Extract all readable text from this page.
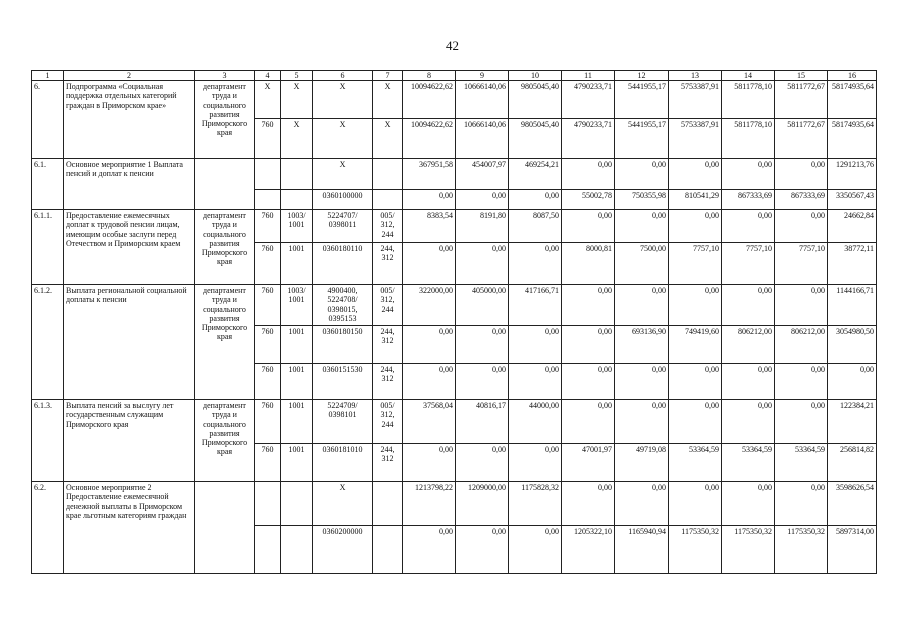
42
1	2	3	4	5	6	7	8	9	10	11	12	13	14	15	16
6.	Подпрограмма «Социальная поддержка отдельных категорий граждан в Приморском крае»	департамент труда и социального развития Приморского края	X	X	X	X	10094622,62	10666140,06	9805045,40	4790233,71	5441955,17	5753387,91	5811778,10	5811772,67	58174935,64
			760	X	X	X	10094622,62	10666140,06	9805045,40	4790233,71	5441955,17	5753387,91	5811778,10	5811772,67	58174935,64
6.1.	Основное мероприятие 1 Выплата пенсий и доплат к пенсии				X		367951,58	454007,97	469254,21	0,00	0,00	0,00	0,00	0,00	1291213,76
					0360100000		0,00	0,00	0,00	55002,78	750355,98	810541,29	867333,69	867333,69	3350567,43
6.1.1.	Предоставление ежемесячных доплат к трудовой пенсии лицам, имеющим особые заслуги перед Отечеством и Приморским краем	департамент труда и социального развития Приморского края	760	1003/ 1001	5224707/ 0398011	005/ 312, 244	8383,54	8191,80	8087,50	0,00	0,00	0,00	0,00	0,00	24662,84
			760	1001	0360180110	244, 312	0,00	0,00	0,00	8000,81	7500,00	7757,10	7757,10	7757,10	38772,11
6.1.2.	Выплата региональной социальной доплаты к пенсии	департамент труда и социального развития Приморского края	760	1003/ 1001	4900400, 5224708/ 0398015, 0395153	005/ 312, 244	322000,00	405000,00	417166,71	0,00	0,00	0,00	0,00	0,00	1144166,71
			760	1001	0360180150	244, 312	0,00	0,00	0,00	0,00	693136,90	749419,60	806212,00	806212,00	3054980,50
			760	1001	0360151530	244, 312	0,00	0,00	0,00	0,00	0,00	0,00	0,00	0,00	0,00
6.1.3.	Выплата пенсий за выслугу лет государственным служащим Приморского края	департамент труда и социального развития Приморского края	760	1001	5224709/ 0398101	005/ 312, 244	37568,04	40816,17	44000,00	0,00	0,00	0,00	0,00	0,00	122384,21
			760	1001	0360181010	244, 312	0,00	0,00	0,00	47001,97	49719,08	53364,59	53364,59	53364,59	256814,82
6.2.	Основное мероприятие 2 Предоставление ежемесячной денежной выплаты в Приморском крае льготным категориям граждан				X		1213798,22	1209000,00	1175828,32	0,00	0,00	0,00	0,00	0,00	3598626,54
					0360200000		0,00	0,00	0,00	1205322,10	1165940,94	1175350,32	1175350,32	1175350,32	5897314,00
